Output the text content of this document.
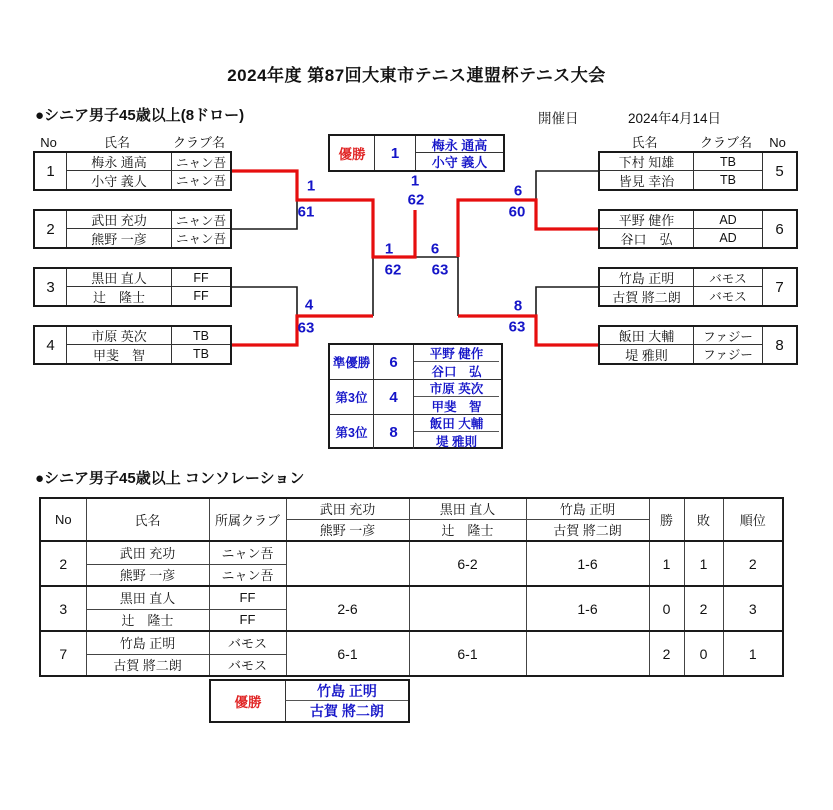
2024年度 第87回大東市テニス連盟杯テニス大会
●シニア男子45歳以上(8ドロー)	開催日	2024年4月14日
No	氏名	クラブ名	氏名	クラブ名	No
1	梅永 通高	ニャン吾
小守 義人	ニャン吾
2	武田 充功	ニャン吾
熊野 一彦	ニャン吾
3	黒田 直人	FF
辻　隆士	FF
4	市原 英次	TB
甲斐　智	TB
下村 知雄	TB
皆見 幸治	TB
5
平野 健作	AD
谷口　弘	AD
6
竹島 正明	バモス
古賀 將二朗	バモス
7
飯田 大輔	ファジー
堤 雅則	ファジー
8
優勝	1	梅永 通高
小守 義人
準優勝	6	平野 健作
谷口　弘
第3位	4	市原 英次
甲斐　智
第3位	8	飯田 大輔
堤 雅則
1
61
4
63
6
60
8
63
1
62
6
63
1
62
●シニア男子45歳以上 コンソレーション
No	氏名	所属クラブ	武田 充功	黒田 直人	竹島 正明	勝	敗	順位
			熊野 一彦	辻　隆士	古賀 將二朗			
2	武田 充功	ニャン吾		6-2	1-6	1	1	2
	熊野 一彦	ニャン吾						
3	黒田 直人	FF	2-6		1-6	0	2	3
	辻　隆士	FF						
7	竹島 正明	バモス	6-1	6-1		2	0	1
	古賀 將二朗	バモス						
優勝
竹島 正明
古賀 將二朗
